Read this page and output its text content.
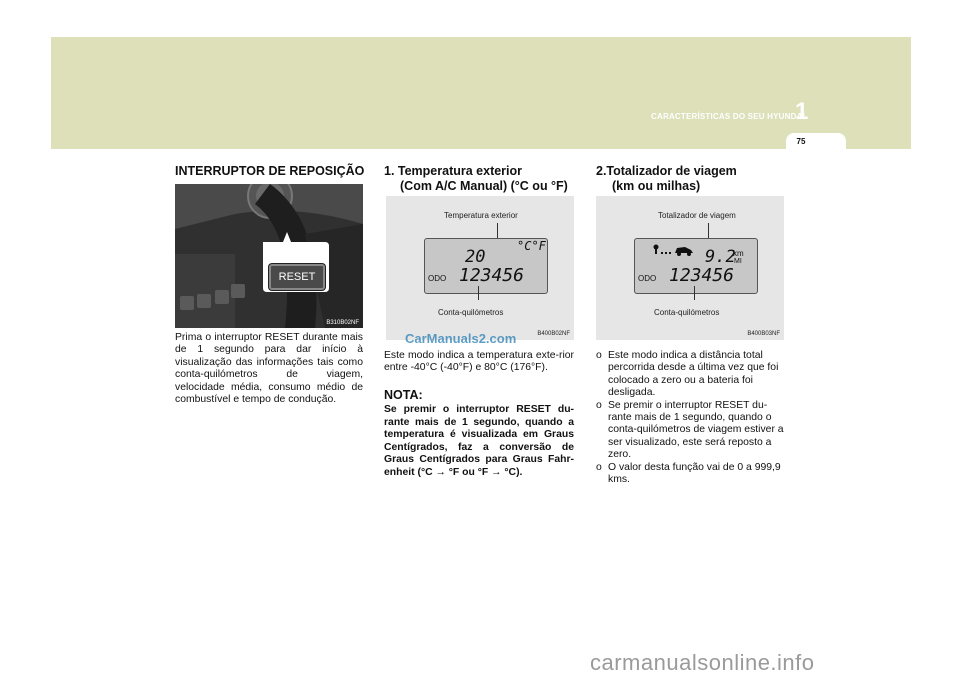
CARACTERÍSTICAS DO SEU HYUNDAI
1
75
INTERRUPTOR DE REPOSIÇÃO
RESET
B310B02NF
Prima o interruptor RESET durante mais de 1 segundo para dar início à visualização das informações tais como conta-quilómetros de viagem, velocidade média, consumo médio de combustível e tempo de condução.
1. Temperatura exterior
(Com A/C Manual) (°C ou °F)
Temperatura exterior
°C°F
20
ODO 123456
Conta-quilómetros
B400B02NF
Este modo indica a temperatura exte-rior entre -40°C (-40°F) e 80°C (176°F).
NOTA:
Se premir o interruptor RESET du-rante mais de 1 segundo, quando a temperatura é visualizada em Graus Centígrados, faz a conversão de Graus Centígrados para Graus Fahr-enheit (°C → °F ou °F → °C).
2.Totalizador de viagem
(km ou milhas)
Totalizador de viagem
9.2
km
MI
ODO 123456
Conta-quilómetros
B400B03NF
o Este modo indica a distância total percorrida desde a última vez que foi colocado a zero ou a bateria foi desligada.
o Se premir o interruptor RESET du-rante mais de 1 segundo, quando o conta-quilómetros de viagem estiver a ser visualizado, este será reposto a zero.
o O valor desta função vai de 0 a 999,9 kms.
CarManuals2.com
carmanualsonline.info
